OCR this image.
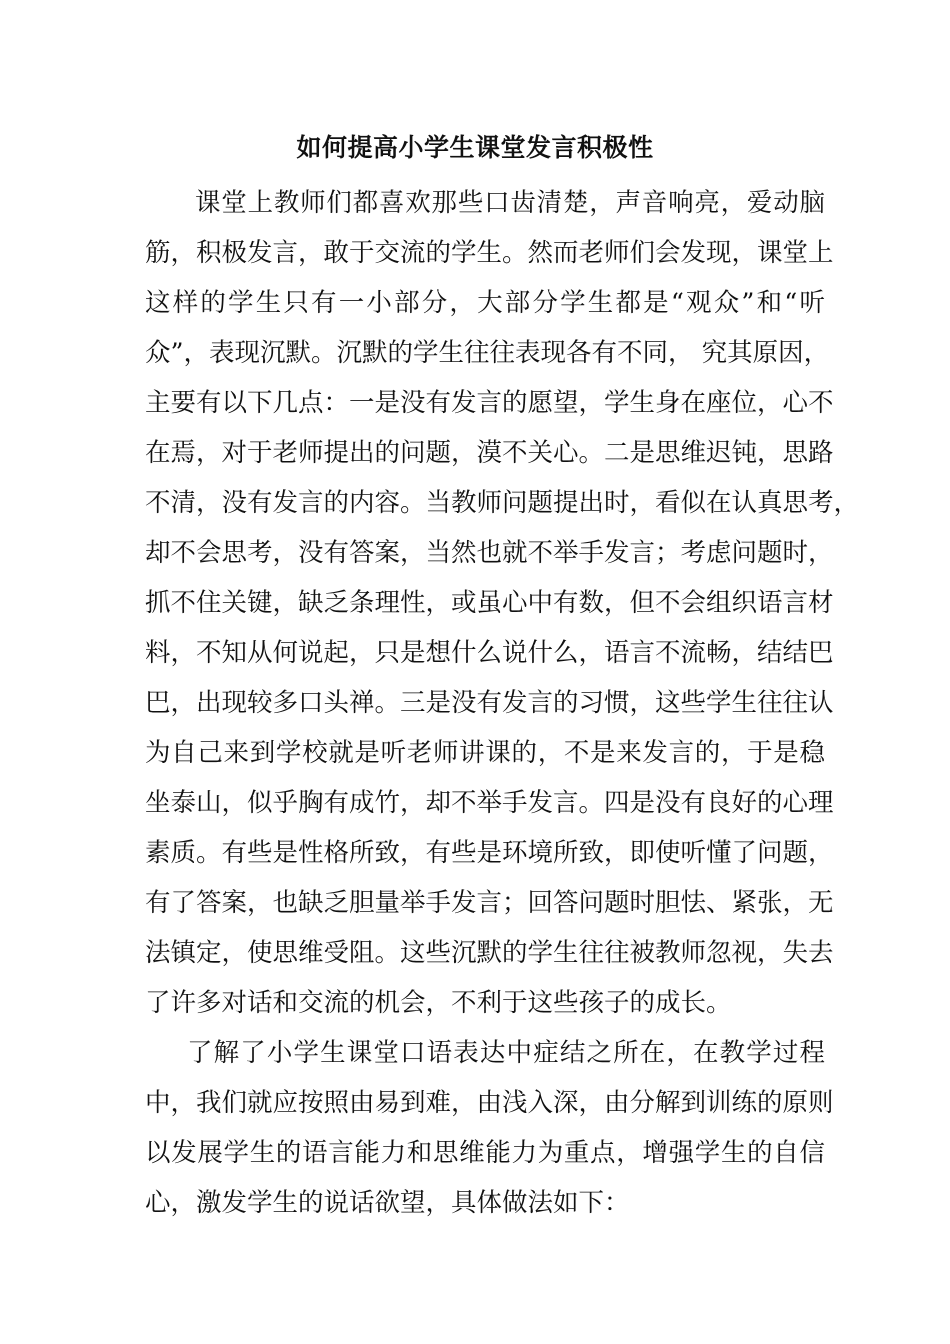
如何提高小学生课堂发言积极性
课堂上教师们都喜欢那些口齿清楚，声音响亮，爱动脑
筋，积极发言，敢于交流的学生。然而老师们会发现，课堂上
这样的学生只有一小部分，大部分学生都是“观众”和“听
众”，表现沉默。沉默的学生往往表现各有不同， 究其原因，
主要有以下几点：一是没有发言的愿望，学生身在座位，心不
在焉，对于老师提出的问题，漠不关心。二是思维迟钝，思路
不清，没有发言的内容。当教师问题提出时，看似在认真思考，
却不会思考，没有答案，当然也就不举手发言；考虑问题时，
抓不住关键，缺乏条理性，或虽心中有数，但不会组织语言材
料，不知从何说起，只是想什么说什么，语言不流畅，结结巴
巴，出现较多口头禅。三是没有发言的习惯，这些学生往往认
为自己来到学校就是听老师讲课的，不是来发言的，于是稳
坐泰山，似乎胸有成竹，却不举手发言。四是没有良好的心理
素质。有些是性格所致，有些是环境所致，即使听懂了问题，
有了答案，也缺乏胆量举手发言；回答问题时胆怯、紧张，无
法镇定，使思维受阻。这些沉默的学生往往被教师忽视，失去
了许多对话和交流的机会，不利于这些孩子的成长。
了解了小学生课堂口语表达中症结之所在，在教学过程
中，我们就应按照由易到难，由浅入深，由分解到训练的原则
以发展学生的语言能力和思维能力为重点，增强学生的自信
心，激发学生的说话欲望，具体做法如下：
